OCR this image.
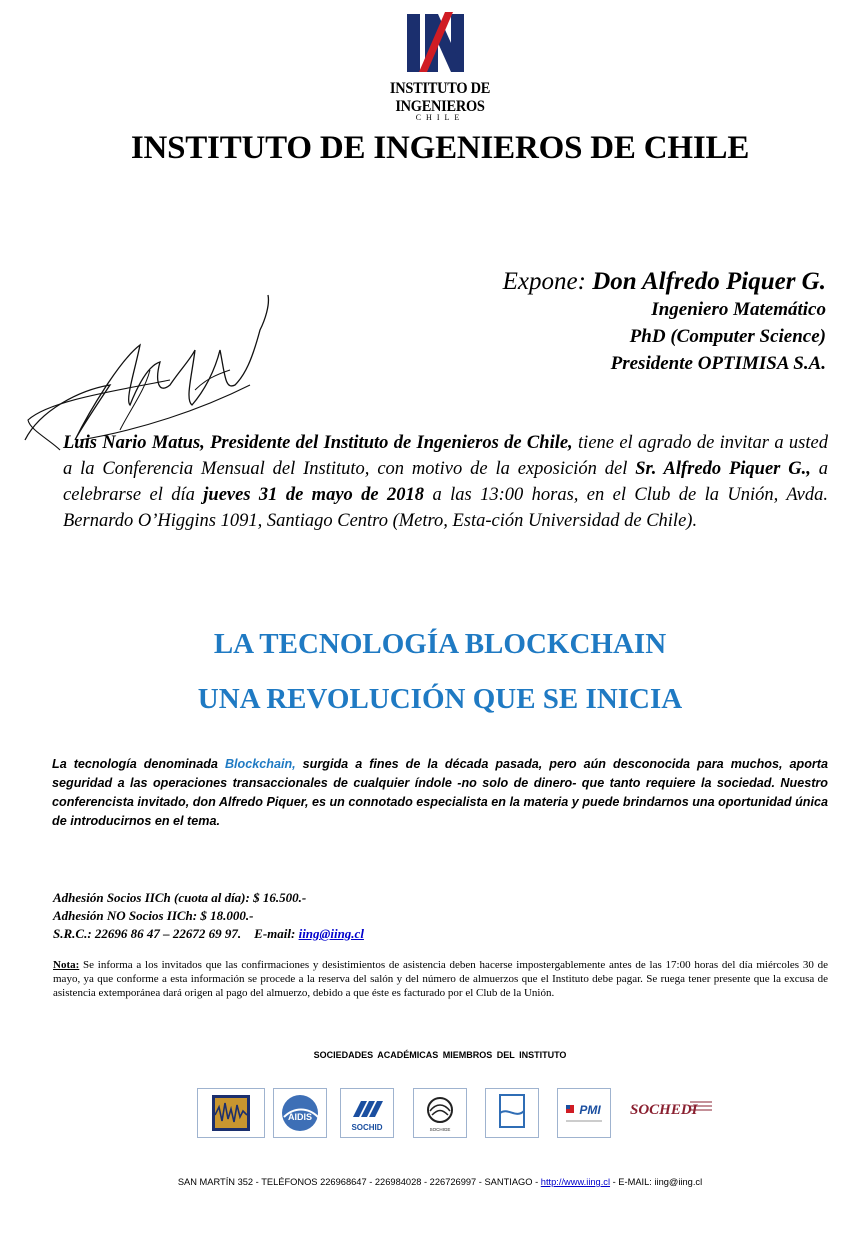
INSTITUTO DE INGENIEROS
CHILE
INSTITUTO DE INGENIEROS DE CHILE
Expone: Don Alfredo Piquer G.
Ingeniero Matemático
PhD (Computer Science)
Presidente OPTIMISA S.A.
Luis Nario Matus, Presidente del Instituto de Ingenieros de Chile, tiene el agrado de invitar a usted a la Conferencia Mensual del Instituto, con motivo de la exposición del Sr. Alfredo Piquer G., a celebrarse el día jueves 31 de mayo de 2018 a las 13:00 horas, en el Club de la Unión, Avda. Bernardo O’Higgins 1091, Santiago Centro (Metro, Esta-ción Universidad de Chile).
LA TECNOLOGÍA BLOCKCHAIN
UNA REVOLUCIÓN QUE SE INICIA
La tecnología denominada Blockchain, surgida a fines de la década pasada, pero aún desconocida para muchos, aporta seguridad a las operaciones transaccionales de cualquier índole -no solo de dinero- que tanto requiere la sociedad. Nuestro conferencista invitado, don Alfredo Piquer, es un connotado especialista en la materia y puede brindarnos una oportunidad única de introducirnos en el tema.
Adhesión Socios IICh (cuota al día): $ 16.500.-
Adhesión NO Socios IICh: $ 18.000.-
S.R.C.: 22696 86 47 – 22672 69 97. E-mail: iing@iing.cl
Nota: Se informa a los invitados que las confirmaciones y desistimientos de asistencia deben hacerse impostergablemente antes de las 17:00 horas del día miércoles 30 de mayo, ya que conforme a esta información se procede a la reserva del salón y del número de almuerzos que el Instituto debe pagar. Se ruega tener presente que la excusa de asistencia extemporánea dará origen al pago del almuerzo, debido a que éste es facturado por el Club de la Unión.
SOCIEDADES ACADÉMICAS MIEMBROS DEL INSTITUTO
AIDIS
SOCHID	SOCHIGE
PMI SOCHEDI
SAN MARTÍN 352 - TELÉFONOS 226968647 - 226984028 - 226726997 - SANTIAGO - http://www.iing.cl - E-MAIL: iing@iing.cl
